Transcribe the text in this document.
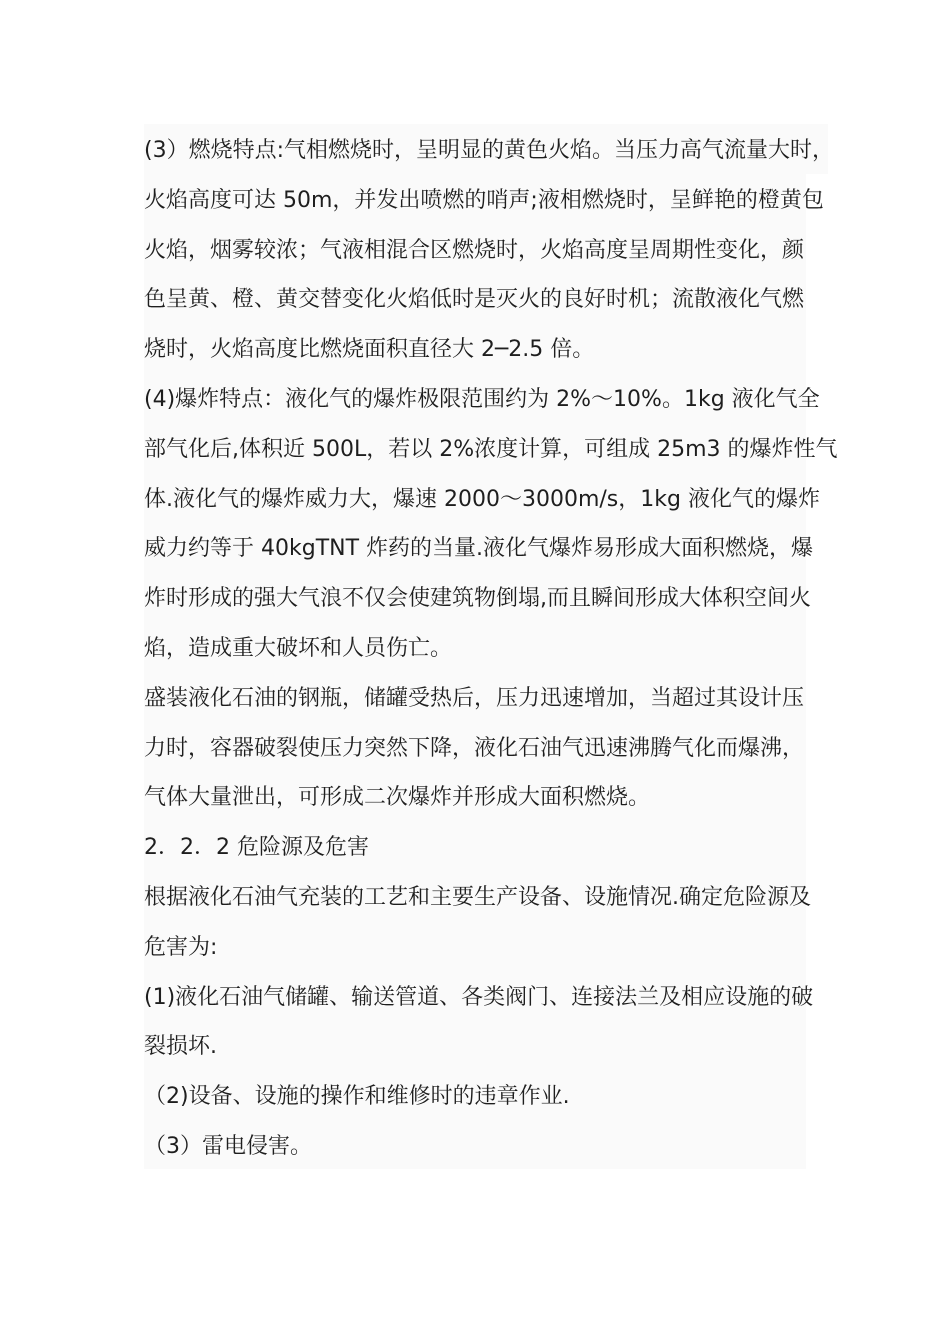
(3）燃烧特点:气相燃烧时，呈明显的黄色火焰。当压力高气流量大时，
火焰高度可达 50m，并发出喷燃的哨声;液相燃烧时，呈鲜艳的橙黄包
火焰，烟雾较浓；气液相混合区燃烧时，火焰高度呈周期性变化，颜
色呈黄、橙、黄交替变化火焰低时是灭火的良好时机；流散液化气燃
烧时，火焰高度比燃烧面积直径大 2─2.5 倍。
(4)爆炸特点：液化气的爆炸极限范围约为 2%～10%。1kg 液化气全
部气化后,体积近 500L，若以 2%浓度计算，可组成 25m3 的爆炸性气
体.液化气的爆炸威力大，爆速 2000～3000m/s，1kg 液化气的爆炸
威力约等于 40kgTNT 炸药的当量.液化气爆炸易形成大面积燃烧，爆
炸时形成的强大气浪不仅会使建筑物倒塌,而且瞬间形成大体积空间火
焰，造成重大破坏和人员伤亡。
盛装液化石油的钢瓶，储罐受热后，压力迅速增加，当超过其设计压
力时，容器破裂使压力突然下降，液化石油气迅速沸腾气化而爆沸，
气体大量泄出，可形成二次爆炸并形成大面积燃烧。
2．2．2 危险源及危害
根据液化石油气充装的工艺和主要生产设备、设施情况.确定危险源及
危害为:
(1)液化石油气储罐、输送管道、各类阀门、连接法兰及相应设施的破
裂损坏.
（2)设备、设施的操作和维修时的违章作业.
（3）雷电侵害。
